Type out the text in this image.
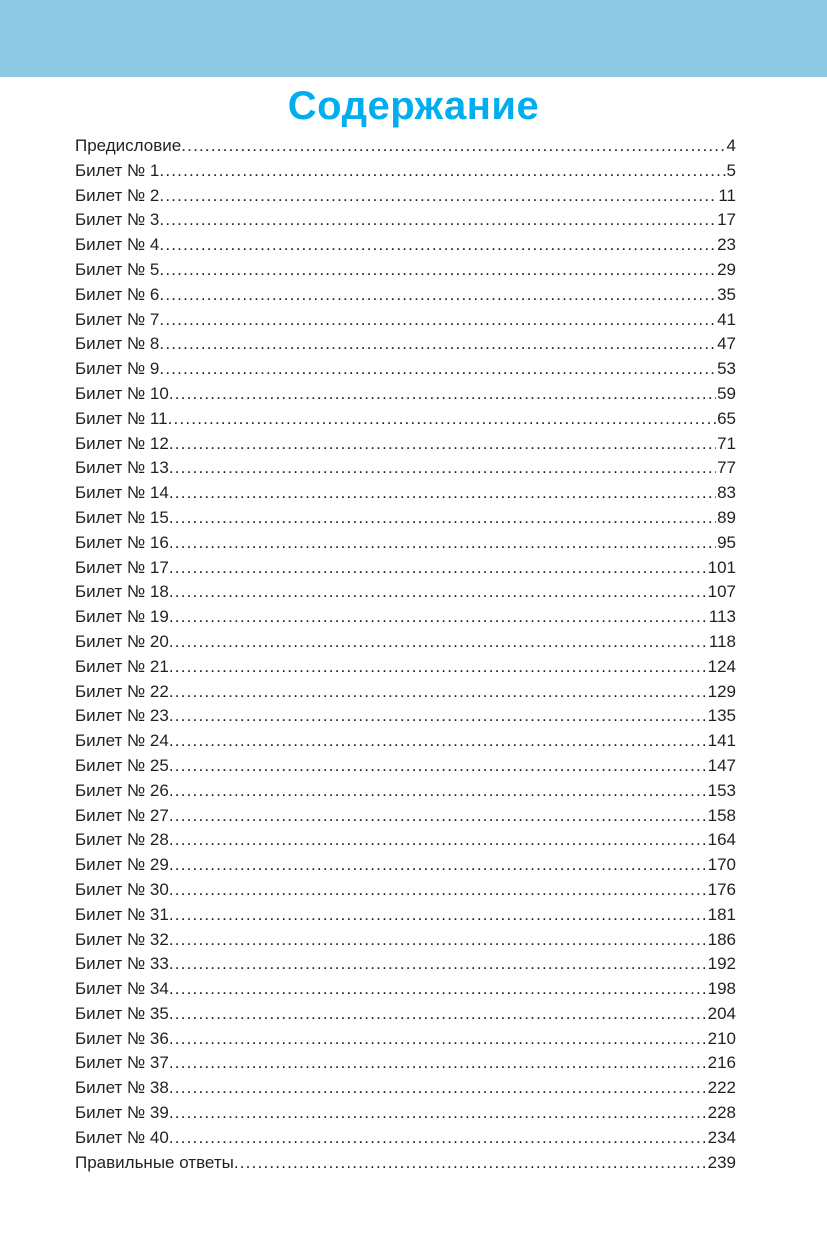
Содержание
Предисловие .....	4
Билет № 1 .....	5
Билет № 2 .....	11
Билет № 3 .....	17
Билет № 4 .....	23
Билет № 5 .....	29
Билет № 6 .....	35
Билет № 7 .....	41
Билет № 8 .....	47
Билет № 9 .....	53
Билет № 10 .....	59
Билет № 11 .....	65
Билет № 12 .....	71
Билет № 13 .....	77
Билет № 14 .....	83
Билет № 15 .....	89
Билет № 16 .....	95
Билет № 17 .....	101
Билет № 18 .....	107
Билет № 19 .....	113
Билет № 20 .....	118
Билет № 21 .....	124
Билет № 22 .....	129
Билет № 23 .....	135
Билет № 24 .....	141
Билет № 25 .....	147
Билет № 26 .....	153
Билет № 27 .....	158
Билет № 28 .....	164
Билет № 29 .....	170
Билет № 30 .....	176
Билет № 31 .....	181
Билет № 32 .....	186
Билет № 33 .....	192
Билет № 34 .....	198
Билет № 35 .....	204
Билет № 36 .....	210
Билет № 37 .....	216
Билет № 38 .....	222
Билет № 39 .....	228
Билет № 40 .....	234
Правильные ответы .....	239
